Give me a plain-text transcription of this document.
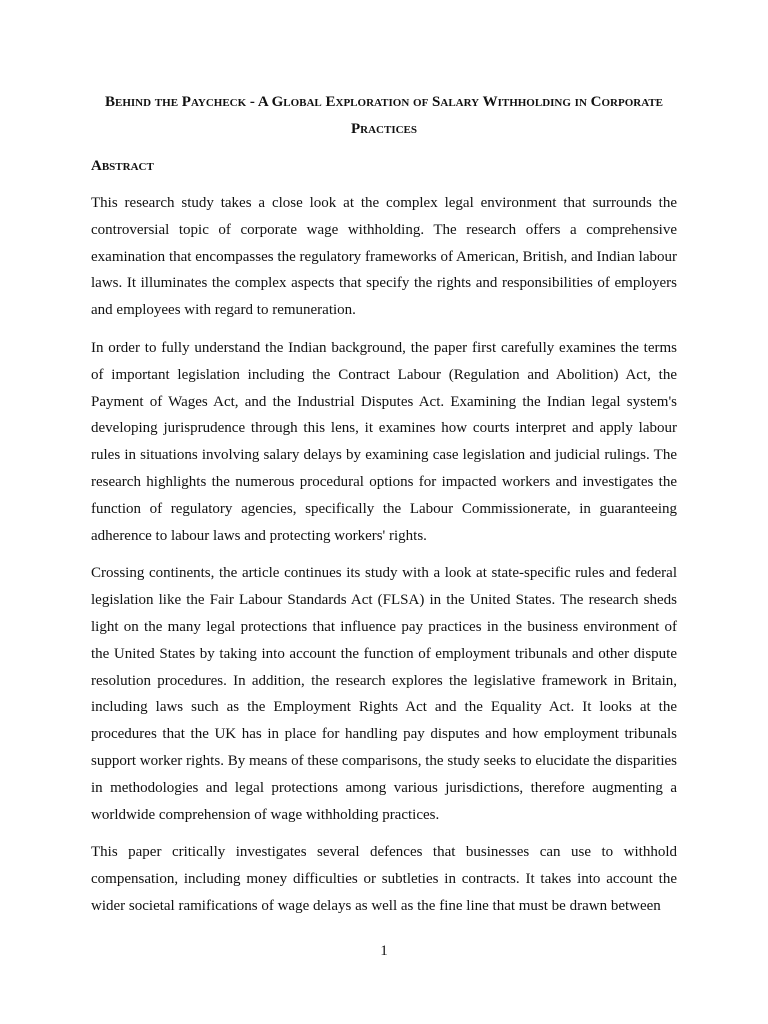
Behind the Paycheck - A Global Exploration of Salary Withholding in Corporate Practices
Abstract

This research study takes a close look at the complex legal environment that surrounds the controversial topic of corporate wage withholding. The research offers a comprehensive examination that encompasses the regulatory frameworks of American, British, and Indian labour laws. It illuminates the complex aspects that specify the rights and responsibilities of employers and employees with regard to remuneration.

In order to fully understand the Indian background, the paper first carefully examines the terms of important legislation including the Contract Labour (Regulation and Abolition) Act, the Payment of Wages Act, and the Industrial Disputes Act. Examining the Indian legal system's developing jurisprudence through this lens, it examines how courts interpret and apply labour rules in situations involving salary delays by examining case legislation and judicial rulings. The research highlights the numerous procedural options for impacted workers and investigates the function of regulatory agencies, specifically the Labour Commissionerate, in guaranteeing adherence to labour laws and protecting workers' rights.

Crossing continents, the article continues its study with a look at state-specific rules and federal legislation like the Fair Labour Standards Act (FLSA) in the United States. The research sheds light on the many legal protections that influence pay practices in the business environment of the United States by taking into account the function of employment tribunals and other dispute resolution procedures. In addition, the research explores the legislative framework in Britain, including laws such as the Employment Rights Act and the Equality Act. It looks at the procedures that the UK has in place for handling pay disputes and how employment tribunals support worker rights. By means of these comparisons, the study seeks to elucidate the disparities in methodologies and legal protections among various jurisdictions, therefore augmenting a worldwide comprehension of wage withholding practices.

This paper critically investigates several defences that businesses can use to withhold compensation, including money difficulties or subtleties in contracts. It takes into account the wider societal ramifications of wage delays as well as the fine line that must be drawn between

1
